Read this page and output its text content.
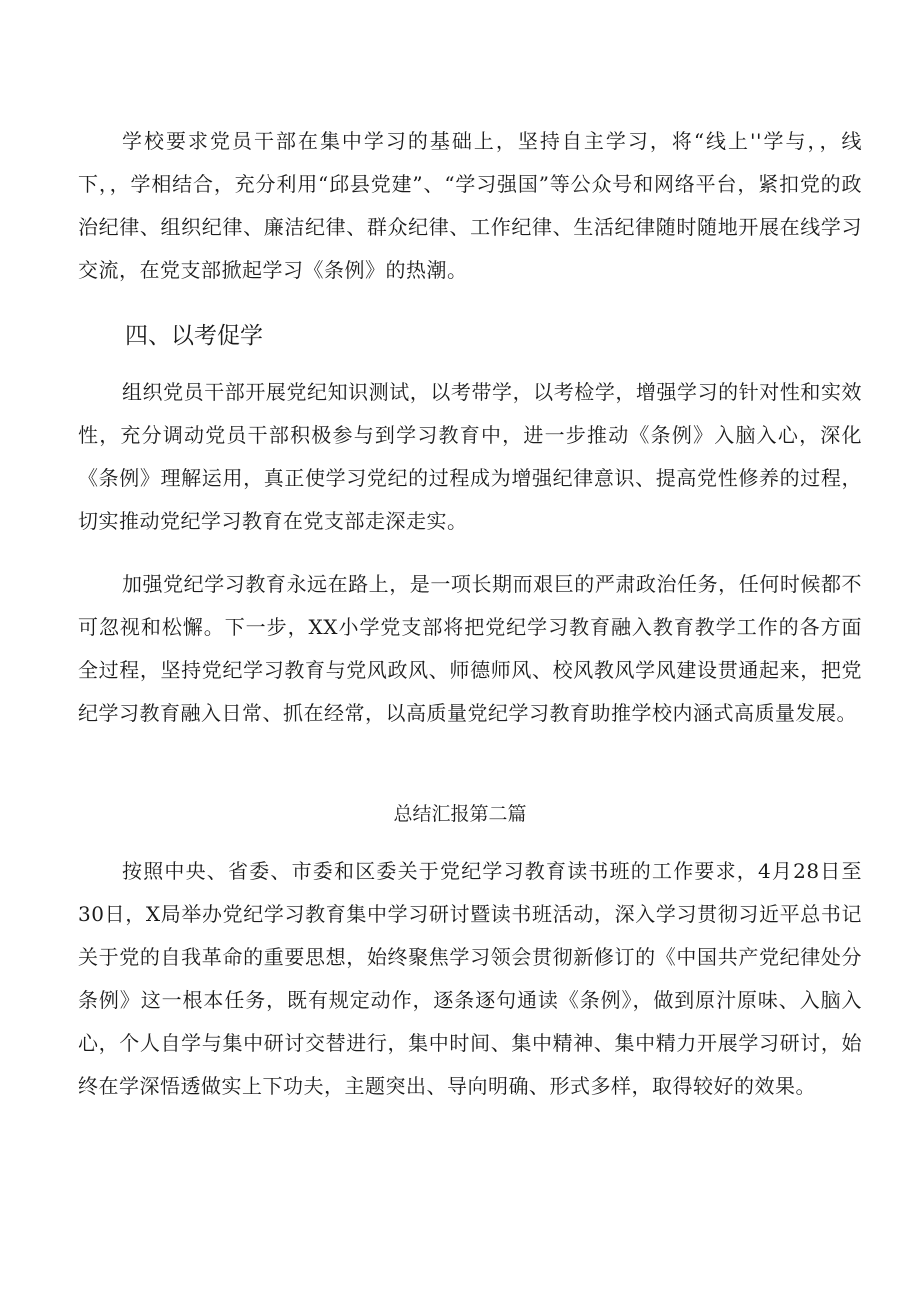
学校要求党员干部在集中学习的基础上，坚持自主学习，将“线上''学与，，线下，，学相结合，充分利用“邱县党建”、“学习强国”等公众号和网络平台，紧扣党的政治纪律、组织纪律、廉洁纪律、群众纪律、工作纪律、生活纪律随时随地开展在线学习交流，在党支部掀起学习《条例》的热潮。

四、以考促学

组织党员干部开展党纪知识测试，以考带学，以考检学，增强学习的针对性和实效性，充分调动党员干部积极参与到学习教育中，进一步推动《条例》入脑入心，深化《条例》理解运用，真正使学习党纪的过程成为增强纪律意识、提高党性修养的过程，切实推动党纪学习教育在党支部走深走实。

加强党纪学习教育永远在路上，是一项长期而艰巨的严肃政治任务，任何时候都不可忽视和松懈。下一步，XX小学党支部将把党纪学习教育融入教育教学工作的各方面全过程，坚持党纪学习教育与党风政风、师德师风、校风教风学风建设贯通起来，把党纪学习教育融入日常、抓在经常，以高质量党纪学习教育助推学校内涵式高质量发展。

总结汇报第二篇

按照中央、省委、市委和区委关于党纪学习教育读书班的工作要求，4月28日至30日，X局举办党纪学习教育集中学习研讨暨读书班活动，深入学习贯彻习近平总书记关于党的自我革命的重要思想，始终聚焦学习领会贯彻新修订的《中国共产党纪律处分条例》这一根本任务，既有规定动作，逐条逐句通读《条例》，做到原汁原味、入脑入心，个人自学与集中研讨交替进行，集中时间、集中精神、集中精力开展学习研讨，始终在学深悟透做实上下功夫，主题突出、导向明确、形式多样，取得较好的效果。
